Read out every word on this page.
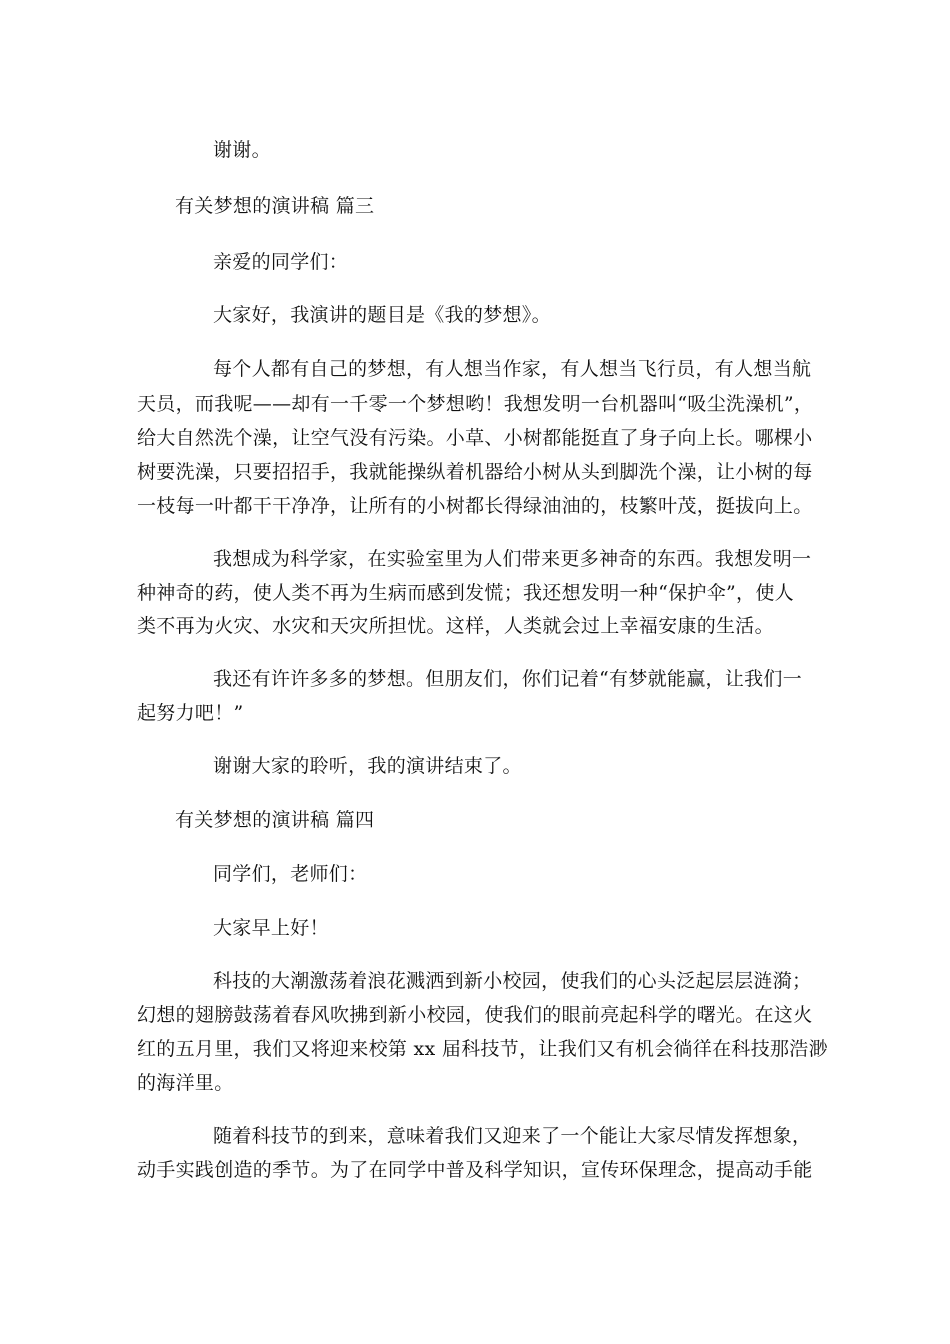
谢谢。
有关梦想的演讲稿 篇三
亲爱的同学们：
大家好，我演讲的题目是《我的梦想》。
每个人都有自己的梦想，有人想当作家，有人想当飞行员，有人想当航
天员，而我呢——却有一千零一个梦想哟！我想发明一台机器叫“吸尘洗澡机”，
给大自然洗个澡，让空气没有污染。小草、小树都能挺直了身子向上长。哪棵小
树要洗澡，只要招招手，我就能操纵着机器给小树从头到脚洗个澡，让小树的每
一枝每一叶都干干净净，让所有的小树都长得绿油油的，枝繁叶茂，挺拔向上。
我想成为科学家，在实验室里为人们带来更多神奇的东西。我想发明一
种神奇的药，使人类不再为生病而感到发慌；我还想发明一种“保护伞”，使人
类不再为火灾、水灾和天灾所担忧。这样，人类就会过上幸福安康的生活。
我还有许许多多的梦想。但朋友们，你们记着“有梦就能赢，让我们一
起努力吧！”
谢谢大家的聆听，我的演讲结束了。
有关梦想的演讲稿 篇四
同学们，老师们：
大家早上好！
科技的大潮激荡着浪花溅洒到新小校园，使我们的心头泛起层层涟漪；
幻想的翅膀鼓荡着春风吹拂到新小校园，使我们的眼前亮起科学的曙光。在这火
红的五月里，我们又将迎来校第 xx 届科技节，让我们又有机会徜徉在科技那浩渺
的海洋里。
随着科技节的到来，意味着我们又迎来了一个能让大家尽情发挥想象，
动手实践创造的季节。为了在同学中普及科学知识，宣传环保理念，提高动手能
